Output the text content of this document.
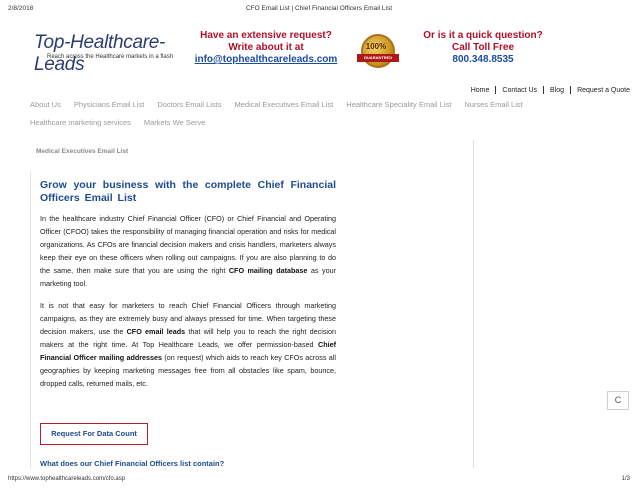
2/8/2018	CFO Email List | Chief Financial Officers Email List
Top-Healthcare-Leads
Reach across the Healthcare markets in a flash
Have an extensive request?
Write about it at
info@tophealthcareleads.com
100%
GUARANTEED
Or is it a quick question?
Call Toll Free
800.348.8535
Home Contact Us Blog Request a Quote
About Us Physicians Email List Doctors Email Lists Medical Executives Email List Healthcare Speciality Email List Nurses Email List
Healthcare marketing services Markets We Serve
Medical Executives Email List
Grow your business with the complete Chief Financial Officers Email List
In the healthcare industry Chief Financial Officer (CFO) or Chief Financial and Operating Officer (CFOO) takes the responsibility of managing financial operation and risks for medical organizations. As CFOs are financial decision makers and crisis handlers, marketers always keep their eye on these officers when rolling out campaigns. If you are also planning to do the same, then make sure that you are using the right CFO mailing database as your marketing tool.
It is not that easy for marketers to reach Chief Financial Officers through marketing campaigns, as they are extremely busy and always pressed for time. When targeting these decision makers, use the CFO email leads that will help you to reach the right decision makers at the right time. At Top Healthcare Leads, we offer permission-based Chief Financial Officer mailing addresses (on request) which aids to reach key CFOs across all geographies by keeping marketing messages free from all obstacles like spam, bounce, dropped calls, returned mails, etc.
Request For Data Count
What does our Chief Financial Officers list contain?
C
https://www.tophealthcareleads.com/cfo.asp	1/3
